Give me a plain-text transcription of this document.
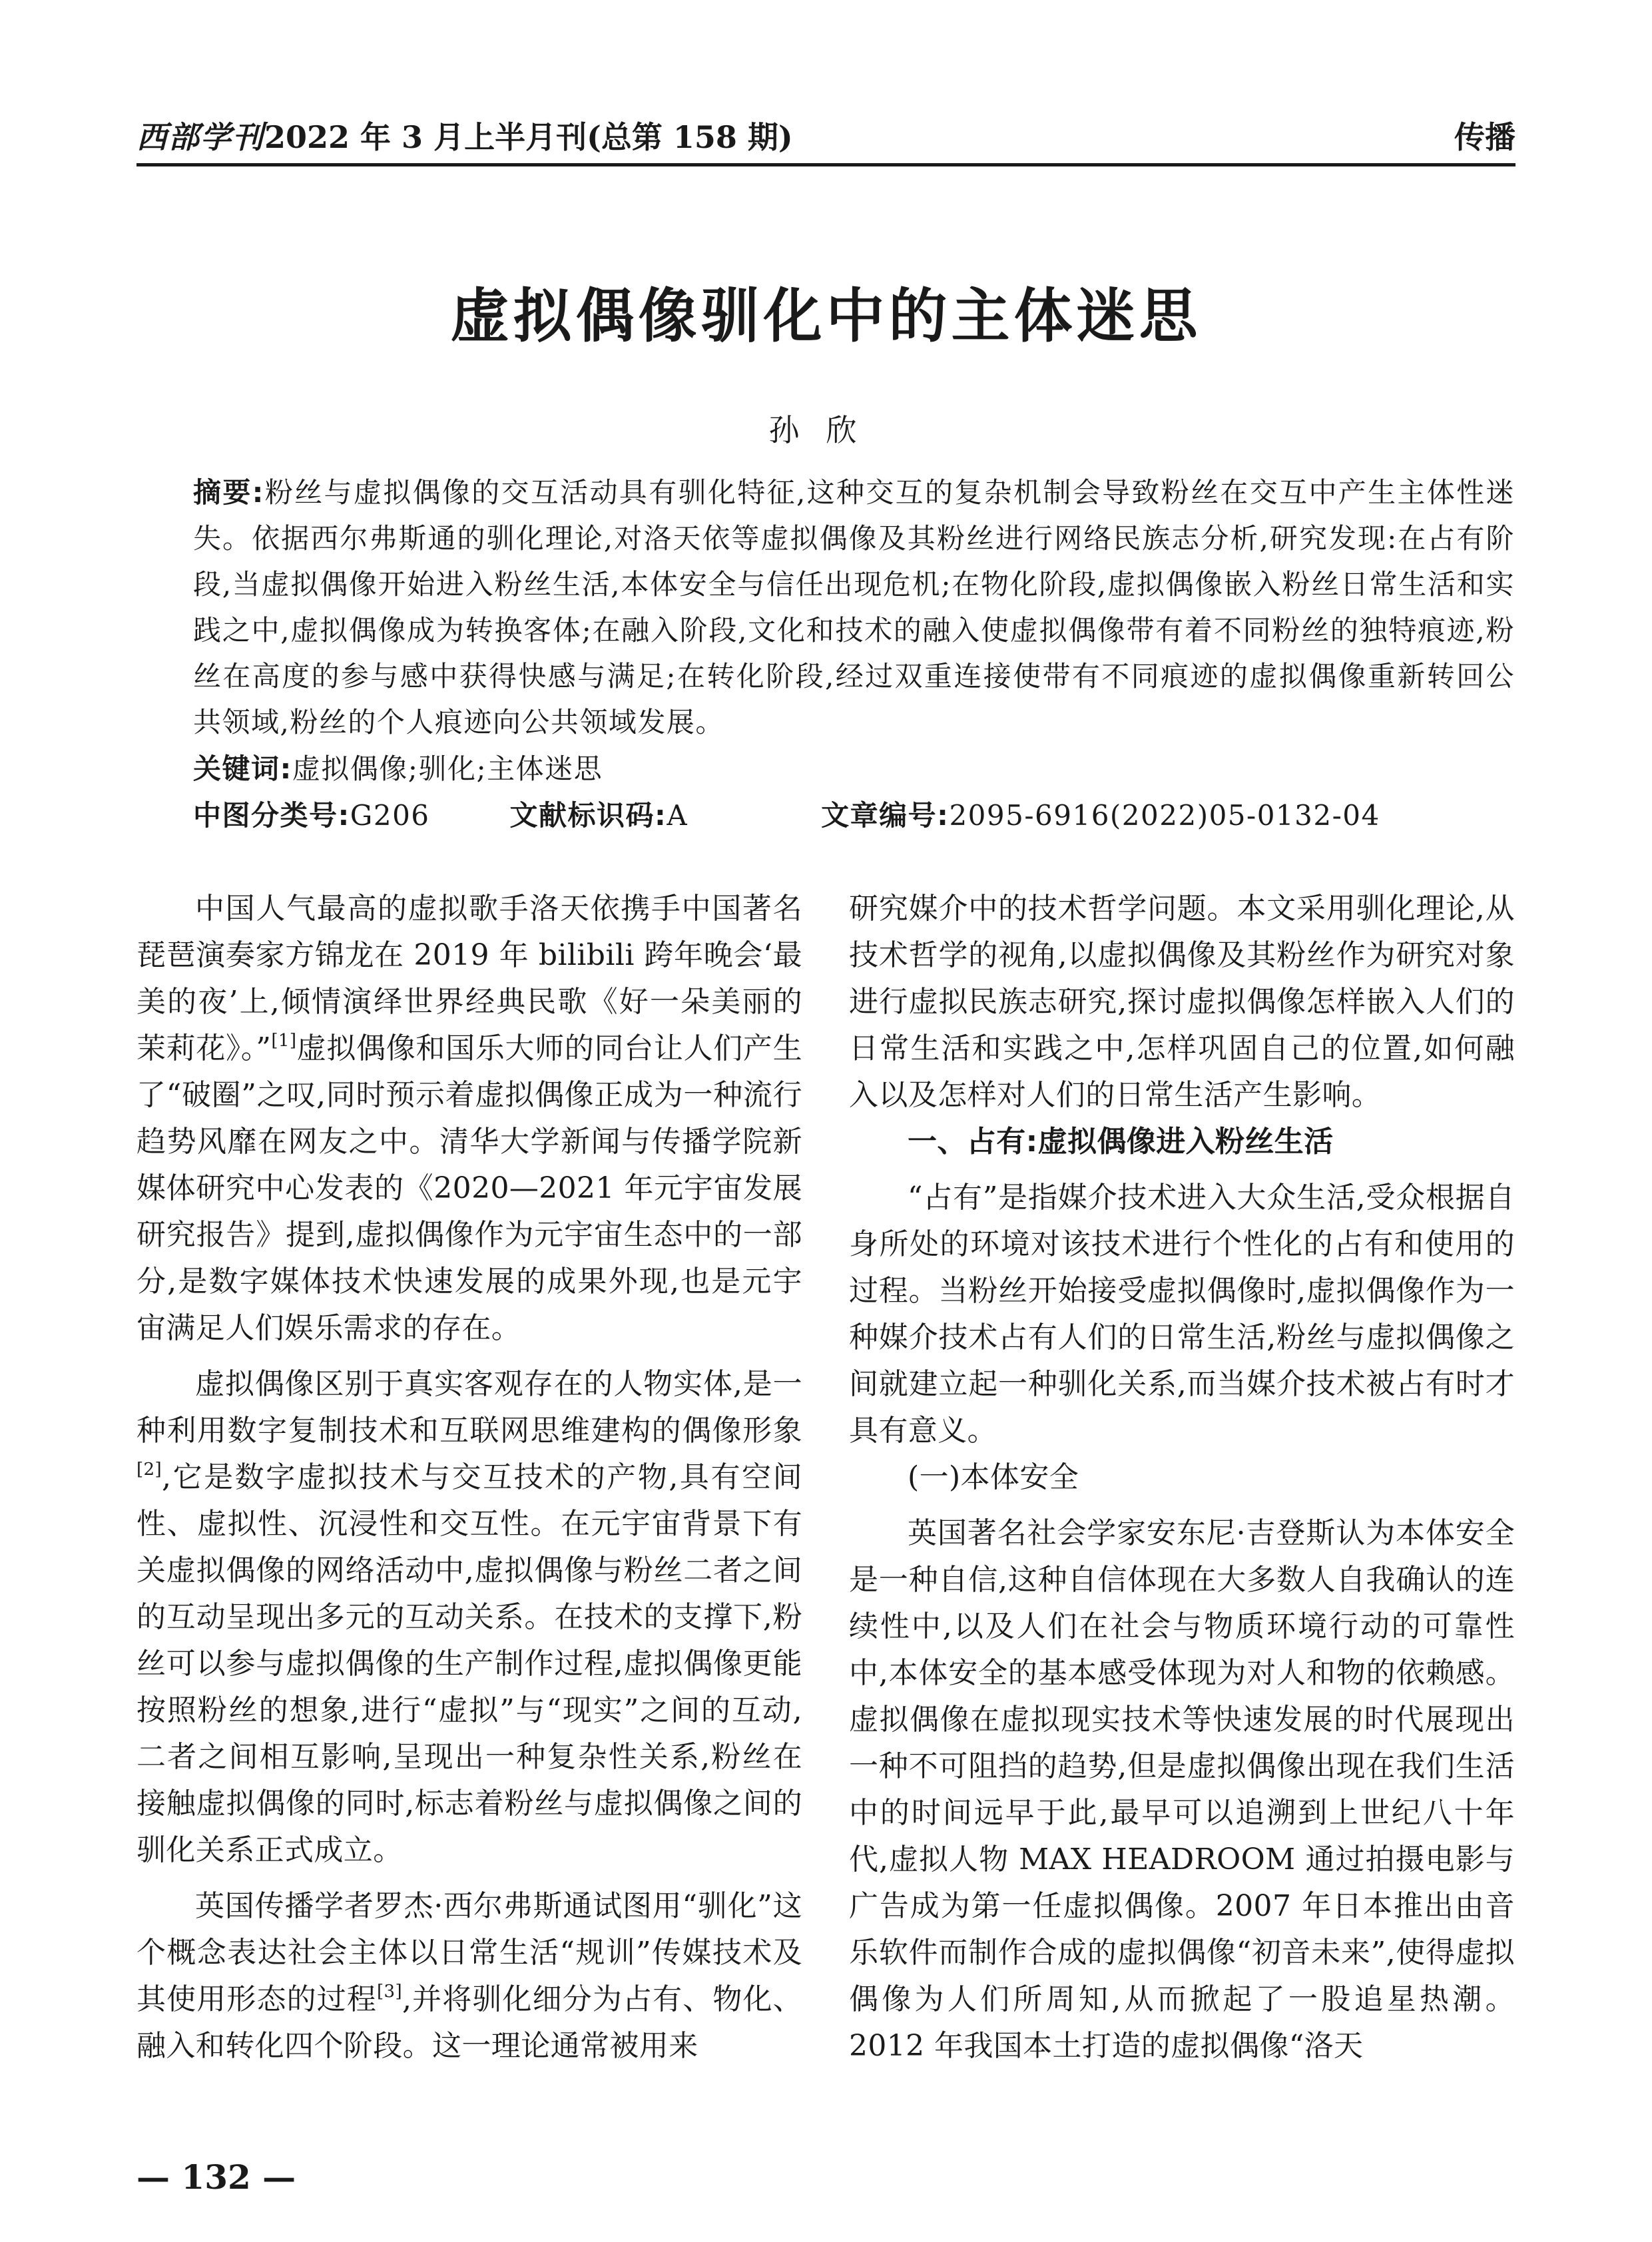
西部学刊2022 年 3 月上半月刊(总第 158 期)	传播
虚拟偶像驯化中的主体迷思
孙欣
摘要:粉丝与虚拟偶像的交互活动具有驯化特征,这种交互的复杂机制会导致粉丝在交互中产生主体性迷失。依据西尔弗斯通的驯化理论,对洛天依等虚拟偶像及其粉丝进行网络民族志分析,研究发现:在占有阶段,当虚拟偶像开始进入粉丝生活,本体安全与信任出现危机;在物化阶段,虚拟偶像嵌入粉丝日常生活和实践之中,虚拟偶像成为转换客体;在融入阶段,文化和技术的融入使虚拟偶像带有着不同粉丝的独特痕迹,粉丝在高度的参与感中获得快感与满足;在转化阶段,经过双重连接使带有不同痕迹的虚拟偶像重新转回公共领域,粉丝的个人痕迹向公共领域发展。
关键词:虚拟偶像;驯化;主体迷思
中图分类号:G206	文献标识码:A	文章编号:2095-6916(2022)05-0132-04

中国人气最高的虚拟歌手洛天依携手中国著名琵琶演奏家方锦龙在 2019 年 bilibili 跨年晚会‘最美的夜’上,倾情演绎世界经典民歌《好一朵美丽的茉莉花》。”[1]虚拟偶像和国乐大师的同台让人们产生了“破圈”之叹,同时预示着虚拟偶像正成为一种流行趋势风靡在网友之中。清华大学新闻与传播学院新媒体研究中心发表的《2020—2021 年元宇宙发展研究报告》提到,虚拟偶像作为元宇宙生态中的一部分,是数字媒体技术快速发展的成果外现,也是元宇宙满足人们娱乐需求的存在。

虚拟偶像区别于真实客观存在的人物实体,是一种利用数字复制技术和互联网思维建构的偶像形象[2],它是数字虚拟技术与交互技术的产物,具有空间性、虚拟性、沉浸性和交互性。在元宇宙背景下有关虚拟偶像的网络活动中,虚拟偶像与粉丝二者之间的互动呈现出多元的互动关系。在技术的支撑下,粉丝可以参与虚拟偶像的生产制作过程,虚拟偶像更能按照粉丝的想象,进行“虚拟”与“现实”之间的互动,二者之间相互影响,呈现出一种复杂性关系,粉丝在接触虚拟偶像的同时,标志着粉丝与虚拟偶像之间的驯化关系正式成立。

英国传播学者罗杰·西尔弗斯通试图用“驯化”这个概念表达社会主体以日常生活“规训”传媒技术及其使用形态的过程[3],并将驯化细分为占有、物化、融入和转化四个阶段。这一理论通常被用来

研究媒介中的技术哲学问题。本文采用驯化理论,从技术哲学的视角,以虚拟偶像及其粉丝作为研究对象进行虚拟民族志研究,探讨虚拟偶像怎样嵌入人们的日常生活和实践之中,怎样巩固自己的位置,如何融入以及怎样对人们的日常生活产生影响。

一、占有:虚拟偶像进入粉丝生活

“占有”是指媒介技术进入大众生活,受众根据自身所处的环境对该技术进行个性化的占有和使用的过程。当粉丝开始接受虚拟偶像时,虚拟偶像作为一种媒介技术占有人们的日常生活,粉丝与虚拟偶像之间就建立起一种驯化关系,而当媒介技术被占有时才具有意义。

(一)本体安全

英国著名社会学家安东尼·吉登斯认为本体安全是一种自信,这种自信体现在大多数人自我确认的连续性中,以及人们在社会与物质环境行动的可靠性中,本体安全的基本感受体现为对人和物的依赖感。虚拟偶像在虚拟现实技术等快速发展的时代展现出一种不可阻挡的趋势,但是虚拟偶像出现在我们生活中的时间远早于此,最早可以追溯到上世纪八十年代,虚拟人物 MAX HEADROOM 通过拍摄电影与广告成为第一任虚拟偶像。2007 年日本推出由音乐软件而制作合成的虚拟偶像“初音未来”,使得虚拟偶像为人们所周知,从而掀起了一股追星热潮。2012 年我国本土打造的虚拟偶像“洛天

— 132 —
